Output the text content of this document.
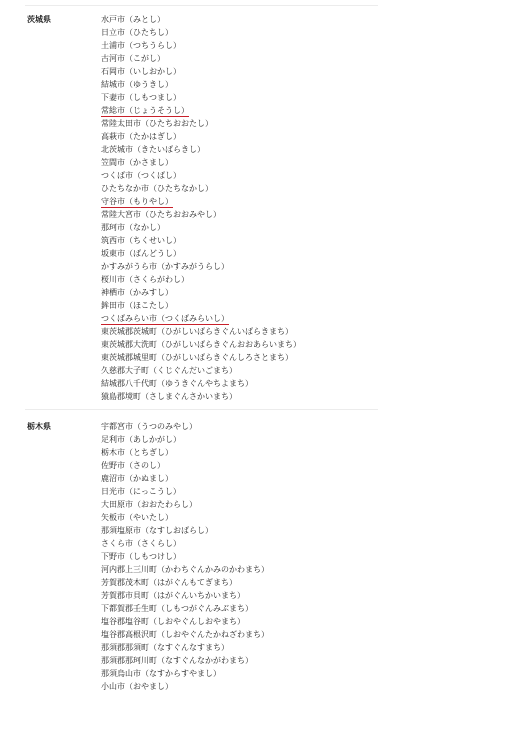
茨城県	水戸市（みとし）
日立市（ひたちし）
土浦市（つちうらし）
古河市（こがし）
石岡市（いしおかし）
結城市（ゆうきし）
下妻市（しもつまし）
常総市（じょうそうし）
常陸太田市（ひたちおおたし）
高萩市（たかはぎし）
北茨城市（きたいばらきし）
笠間市（かさまし）
つくば市（つくばし）
ひたちなか市（ひたちなかし）
守谷市（もりやし）
常陸大宮市（ひたちおおみやし）
那珂市（なかし）
筑西市（ちくせいし）
坂東市（ばんどうし）
かすみがうら市（かすみがうらし）
桜川市（さくらがわし）
神栖市（かみすし）
鉾田市（ほこたし）
つくばみらい市（つくばみらいし）
東茨城郡茨城町（ひがしいばらきぐんいばらきまち）
東茨城郡大洗町（ひがしいばらきぐんおおあらいまち）
東茨城郡城里町（ひがしいばらきぐんしろさとまち）
久慈郡大子町（くじぐんだいごまち）
結城郡八千代町（ゆうきぐんやちよまち）
猿島郡境町（さしまぐんさかいまち）
栃木県	宇都宮市（うつのみやし）
足利市（あしかがし）
栃木市（とちぎし）
佐野市（さのし）
鹿沼市（かぬまし）
日光市（にっこうし）
大田原市（おおたわらし）
矢板市（やいたし）
那須塩原市（なすしおばらし）
さくら市（さくらし）
下野市（しもつけし）
河内郡上三川町（かわちぐんかみのかわまち）
芳賀郡茂木町（はがぐんもてぎまち）
芳賀郡市貝町（はがぐんいちかいまち）
下都賀郡壬生町（しもつがぐんみぶまち）
塩谷郡塩谷町（しおやぐんしおやまち）
塩谷郡高根沢町（しおやぐんたかねざわまち）
那須郡那須町（なすぐんなすまち）
那須郡那珂川町（なすぐんなかがわまち）
那須烏山市（なすからすやまし）
小山市（おやまし）
